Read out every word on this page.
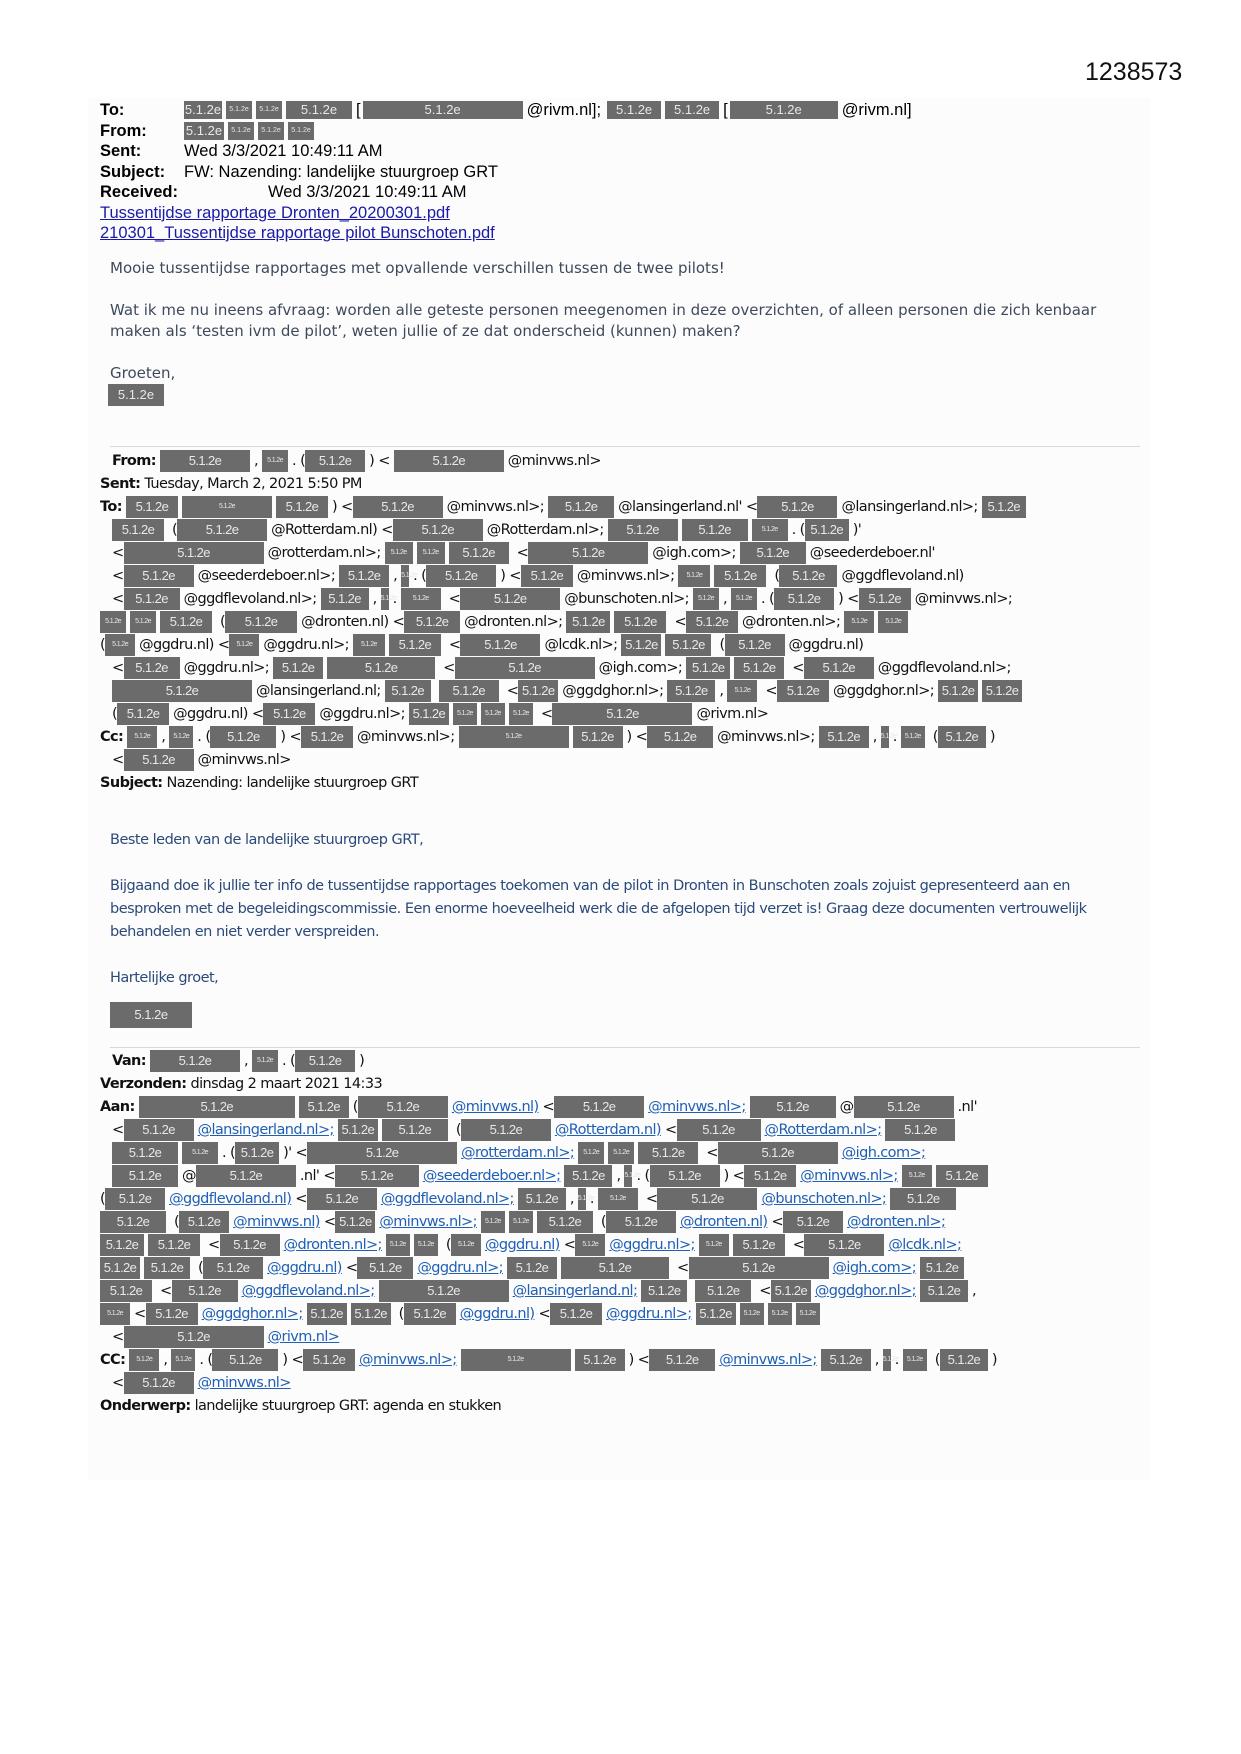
1238573
To:	5.1.2e	5.1.2e	5.1.2e	5.1.2e	[	5.1.2e	@rivm.nl];	5.1.2e	5.1.2e [	5.1.2e	@rivm.nl]
From:	5.1.2e	5.1.2e	5.1.2e	5.1.2e
Sent:	Wed 3/3/2021 10:49:11 AM
Subject:	FW: Nazending: landelijke stuurgroep GRT
Received:	Wed 3/3/2021 10:49:11 AM
Tussentijdse rapportage Dronten_20200301.pdf
210301_Tussentijdse rapportage pilot Bunschoten.pdf

Mooie tussentijdse rapportages met opvallende verschillen tussen de twee pilots!

Wat ik me nu ineens afvraag: worden alle geteste personen meegenomen in deze overzichten, of alleen personen die zich kenbaar maken als ‘testen ivm de pilot’, weten jullie of ze dat onderscheid (kunnen) maken?

Groeten,
5.1.2e
From:	5.1.2e , 5.1.2e . ( 5.1.2e ) <	5.1.2e	@minvws.nl>
Sent: Tuesday, March 2, 2021 5:50 PM
To: 5.1.2e	5.1.2e	5.1.2e ) < 5.1.2e @minvws.nl>; 5.1.2e @lansingerland.nl' < 5.1.2e @lansingerland.nl>; 5.1.2e
5.1.2e ( 5.1.2e @Rotterdam.nl) < 5.1.2e @Rotterdam.nl>; 5.1.2e	5.1.2e	5.1.2e . ( 5.1.2e )'
<	5.1.2e	@rotterdam.nl>; 5.1.2e 5.1.2e 5.1.2e <	5.1.2e	@igh.com>; 5.1.2e @seederdeboer.nl'
< 5.1.2e @seederdeboer.nl>; 5.1.2e , 5.1.2e. ( 5.1.2e ) < 5.1.2e @minvws.nl>; 5.1.2e 5.1.2e ( 5.1.2e @ggdflevoland.nl)
< 5.1.2e @ggdflevoland.nl>; 5.1.2e , 5.1.2e. 5.1.2e <	5.1.2e	@bunschoten.nl>; 5.1.2e , 5.1.2e . ( 5.1.2e ) < 5.1.2e @minvws.nl>;
5.1.2e 5.1.2e 5.1.2e ( 5.1.2e @dronten.nl) < 5.1.2e @dronten.nl>; 5.1.2e 5.1.2e < 5.1.2e @dronten.nl>; 5.1.2e	5.1.2e
( 5.1.2e @ggdru.nl) < 5.1.2e @ggdru.nl>; 5.1.2e 5.1.2e < 5.1.2e @lcdk.nl>; 5.1.2e 5.1.2e ( 5.1.2e @ggdru.nl)
< 5.1.2e @ggdru.nl>; 5.1.2e	5.1.2e	<	5.1.2e	@igh.com>; 5.1.2e 5.1.2e < 5.1.2e @ggdflevoland.nl>;
5.1.2e	@lansingerland.nl; 5.1.2e 5.1.2e < 5.1.2e @ggdghor.nl>; 5.1.2e , 5.1.2e < 5.1.2e @ggdghor.nl>; 5.1.2e 5.1.2e
( 5.1.2e @ggdru.nl) < 5.1.2e @ggdru.nl>; 5.1.2e 5.1.2e 5.1.2e 5.1.2e <	5.1.2e	@rivm.nl>
Cc: 5.1.2e , 5.1.2e . ( 5.1.2e ) < 5.1.2e @minvws.nl>;	5.1.2e	5.1.2e ) < 5.1.2e @minvws.nl>; 5.1.2e , 5.1.2e. 5.1.2e ( 5.1.2e )
< 5.1.2e @minvws.nl>
Subject: Nazending: landelijke stuurgroep GRT

Beste leden van de landelijke stuurgroep GRT,

Bijgaand doe ik jullie ter info de tussentijdse rapportages toekomen van de pilot in Dronten in Bunschoten zoals zojuist gepresenteerd aan en besproken met de begeleidingscommissie. Een enorme hoeveelheid werk die de afgelopen tijd verzet is! Graag deze documenten vertrouwelijk behandelen en niet verder verspreiden.

Hartelijke groet,

5.1.2e
Van:	5.1.2e , 5.1.2e . ( 5.1.2e )
Verzonden: dinsdag 2 maart 2021 14:33
Aan:	5.1.2e	5.1.2e ( 5.1.2e @minvws.nl) < 5.1.2e @minvws.nl>; 5.1.2e @	5.1.2e	.nl'
< 5.1.2e @lansingerland.nl>; 5.1.2e 5.1.2e ( 5.1.2e @Rotterdam.nl) < 5.1.2e @Rotterdam.nl>; 5.1.2e
5.1.2e	5.1.2e . ( 5.1.2e )' <	5.1.2e	@rotterdam.nl>; 5.1.2e 5.1.2e 5.1.2e <	5.1.2e	@igh.com>;
5.1.2e @	5.1.2e	.nl' < 5.1.2e @seederdeboer.nl>; 5.1.2e , 5.1.2e. ( 5.1.2e ) < 5.1.2e @minvws.nl>; 5.1.2e 5.1.2e
( 5.1.2e @ggdflevoland.nl) < 5.1.2e @ggdflevoland.nl>; 5.1.2e , 5.1.2e. 5.1.2e <	5.1.2e	@bunschoten.nl>; 5.1.2e
5.1.2e ( 5.1.2e @minvws.nl) < 5.1.2e @minvws.nl>; 5.1.2e 5.1.2e 5.1.2e ( 5.1.2e @dronten.nl) < 5.1.2e @dronten.nl>;
5.1.2e 5.1.2e < 5.1.2e @dronten.nl>; 5.1.2e 5.1.2e ( 5.1.2e @ggdru.nl) < 5.1.2e @ggdru.nl>; 5.1.2e 5.1.2e < 5.1.2e @lcdk.nl>;
5.1.2e 5.1.2e ( 5.1.2e @ggdru.nl) < 5.1.2e @ggdru.nl>; 5.1.2e	5.1.2e	<	5.1.2e	@igh.com>; 5.1.2e
5.1.2e < 5.1.2e @ggdflevoland.nl>;	5.1.2e	@lansingerland.nl; 5.1.2e 5.1.2e < 5.1.2e @ggdghor.nl>; 5.1.2e ,
5.1.2e < 5.1.2e @ggdghor.nl>; 5.1.2e 5.1.2e ( 5.1.2e @ggdru.nl) < 5.1.2e @ggdru.nl>; 5.1.2e 5.1.2e 5.1.2e 5.1.2e
<	5.1.2e	@rivm.nl>
CC: 5.1.2e , 5.1.2e . ( 5.1.2e ) < 5.1.2e @minvws.nl>;	5.1.2e	5.1.2e ) < 5.1.2e @minvws.nl>; 5.1.2e , 5.1.2e. 5.1.2e ( 5.1.2e )
< 5.1.2e @minvws.nl>
Onderwerp: landelijke stuurgroep GRT: agenda en stukken
